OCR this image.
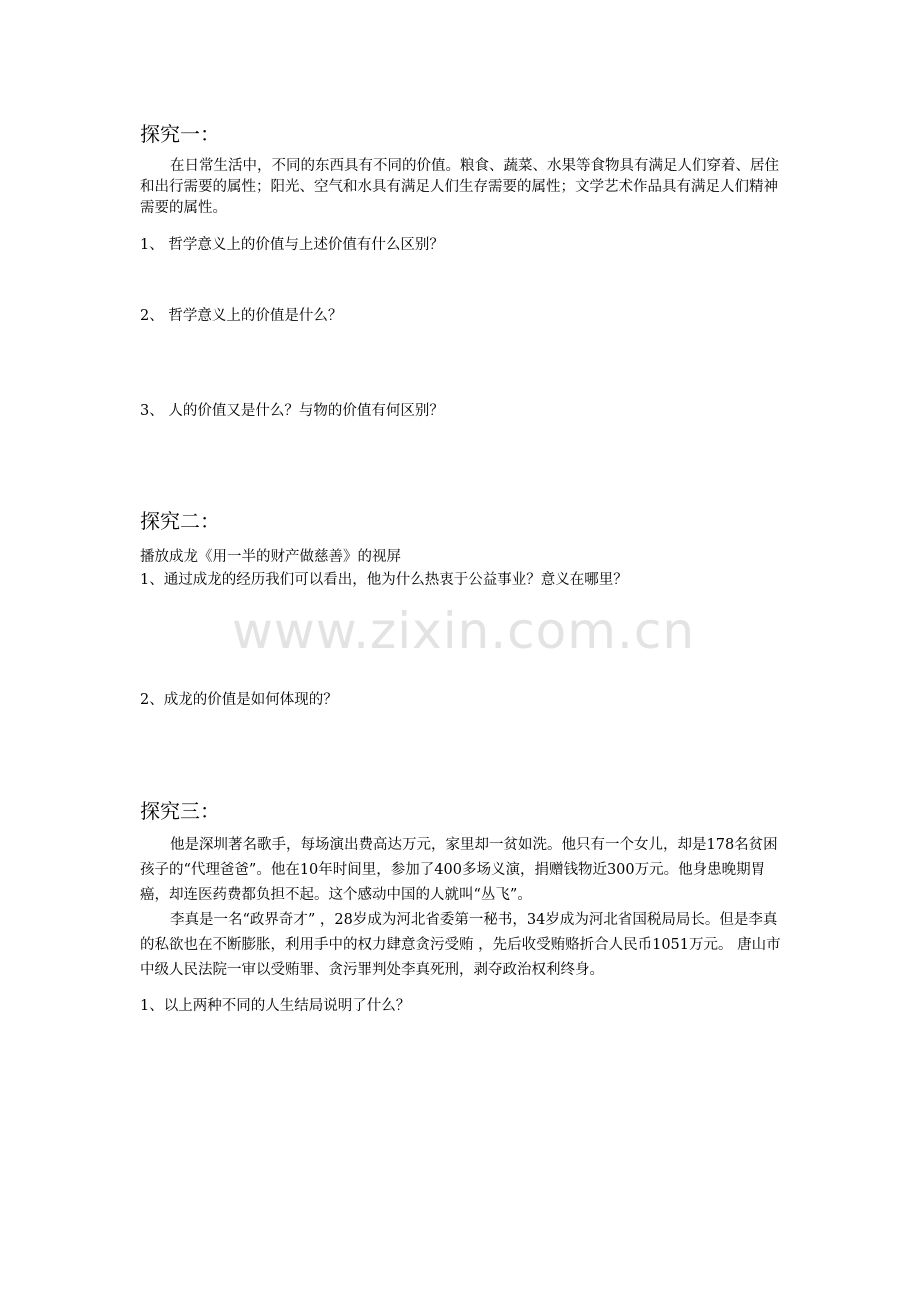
www.zixin.com.cn
探究一：
在日常生活中，不同的东西具有不同的价值。粮食、蔬菜、水果等食物具有满足人们穿着、居住和出行需要的属性；阳光、空气和水具有满足人们生存需要的属性；文学艺术作品具有满足人们精神需要的属性。
1、 哲学意义上的价值与上述价值有什么区别？
2、 哲学意义上的价值是什么？
3、 人的价值又是什么？与物的价值有何区别？
探究二：
播放成龙《用一半的财产做慈善》的视屏
1、通过成龙的经历我们可以看出，他为什么热衷于公益事业？意义在哪里？
2、成龙的价值是如何体现的？
探究三：
他是深圳著名歌手，每场演出费高达万元，家里却一贫如洗。他只有一个女儿，却是178名贫困孩子的“代理爸爸”。他在10年时间里，参加了400多场义演，捐赠钱物近300万元。他身患晚期胃癌，却连医药费都负担不起。这个感动中国的人就叫“丛飞”。
李真是一名“政界奇才” ，28岁成为河北省委第一秘书，34岁成为河北省国税局局长。但是李真的私欲也在不断膨胀，利用手中的权力肆意贪污受贿 ，先后收受贿赂折合人民币1051万元。 唐山市中级人民法院一审以受贿罪、贪污罪判处李真死刑，剥夺政治权利终身。
1、以上两种不同的人生结局说明了什么？
